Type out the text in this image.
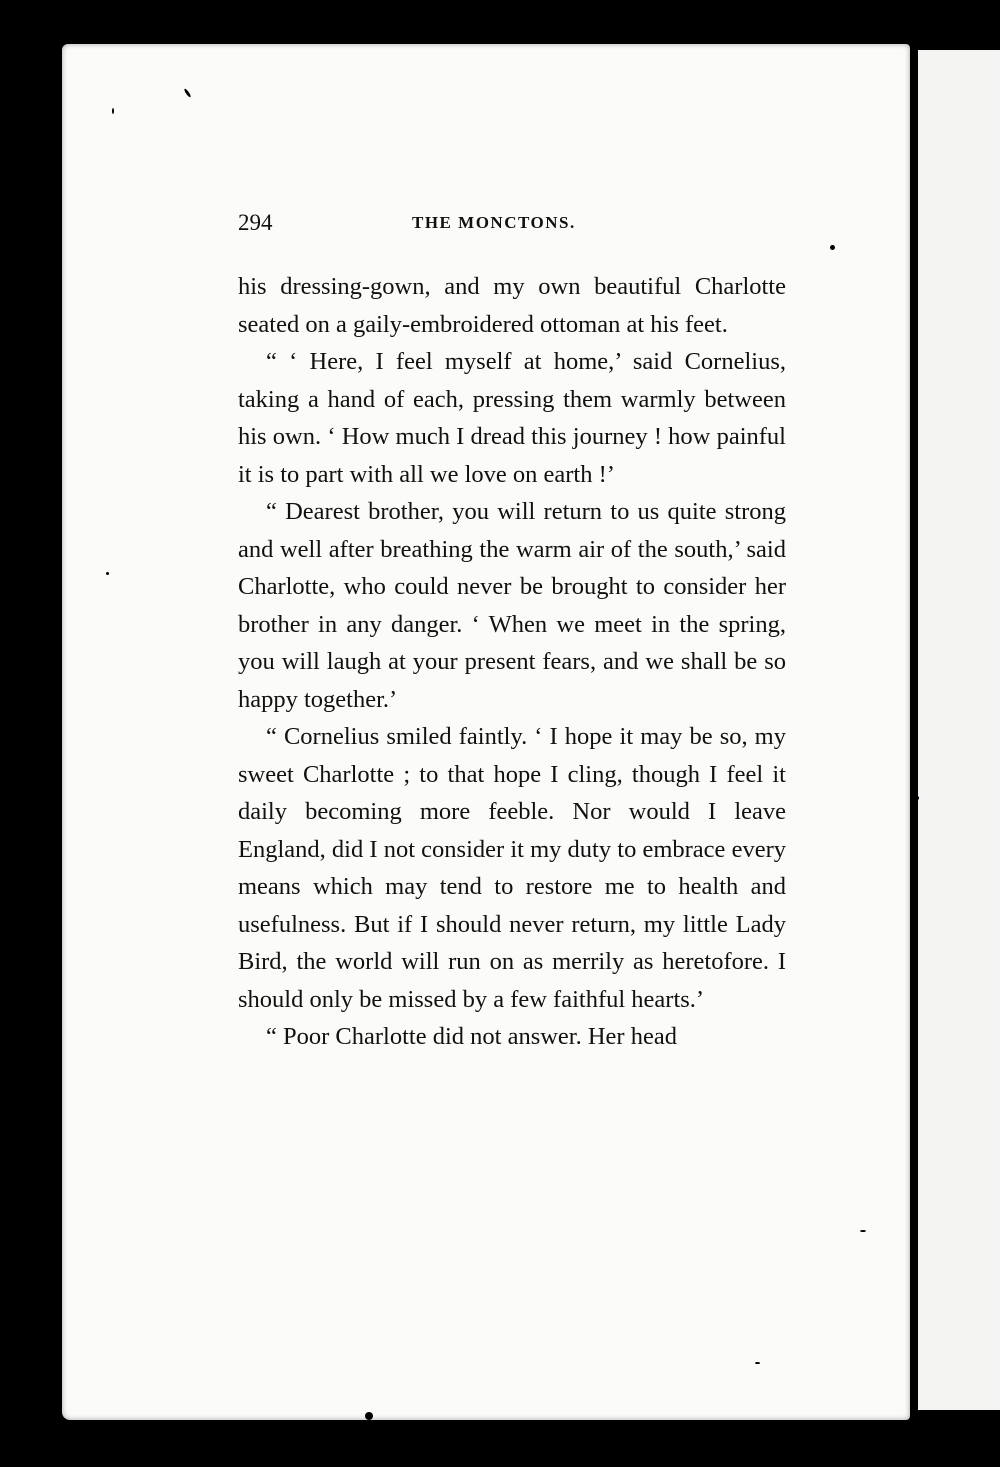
294	THE MONCTONS.

his dressing-gown, and my own beautiful Charlotte seated on a gaily-embroidered ottoman at his feet.

“ ‘ Here, I feel myself at home,’ said Cornelius, taking a hand of each, pressing them warmly between his own. ‘ How much I dread this journey ! how painful it is to part with all we love on earth !’

“ Dearest brother, you will return to us quite strong and well after breathing the warm air of the south,’ said Charlotte, who could never be brought to consider her brother in any danger. ‘ When we meet in the spring, you will laugh at your present fears, and we shall be so happy together.’

“ Cornelius smiled faintly. ‘ I hope it may be so, my sweet Charlotte ; to that hope I cling, though I feel it daily becoming more feeble. Nor would I leave England, did I not consider it my duty to embrace every means which may tend to restore me to health and usefulness. But if I should never return, my little Lady Bird, the world will run on as merrily as heretofore. I should only be missed by a few faithful hearts.’

“ Poor Charlotte did not answer. Her head
